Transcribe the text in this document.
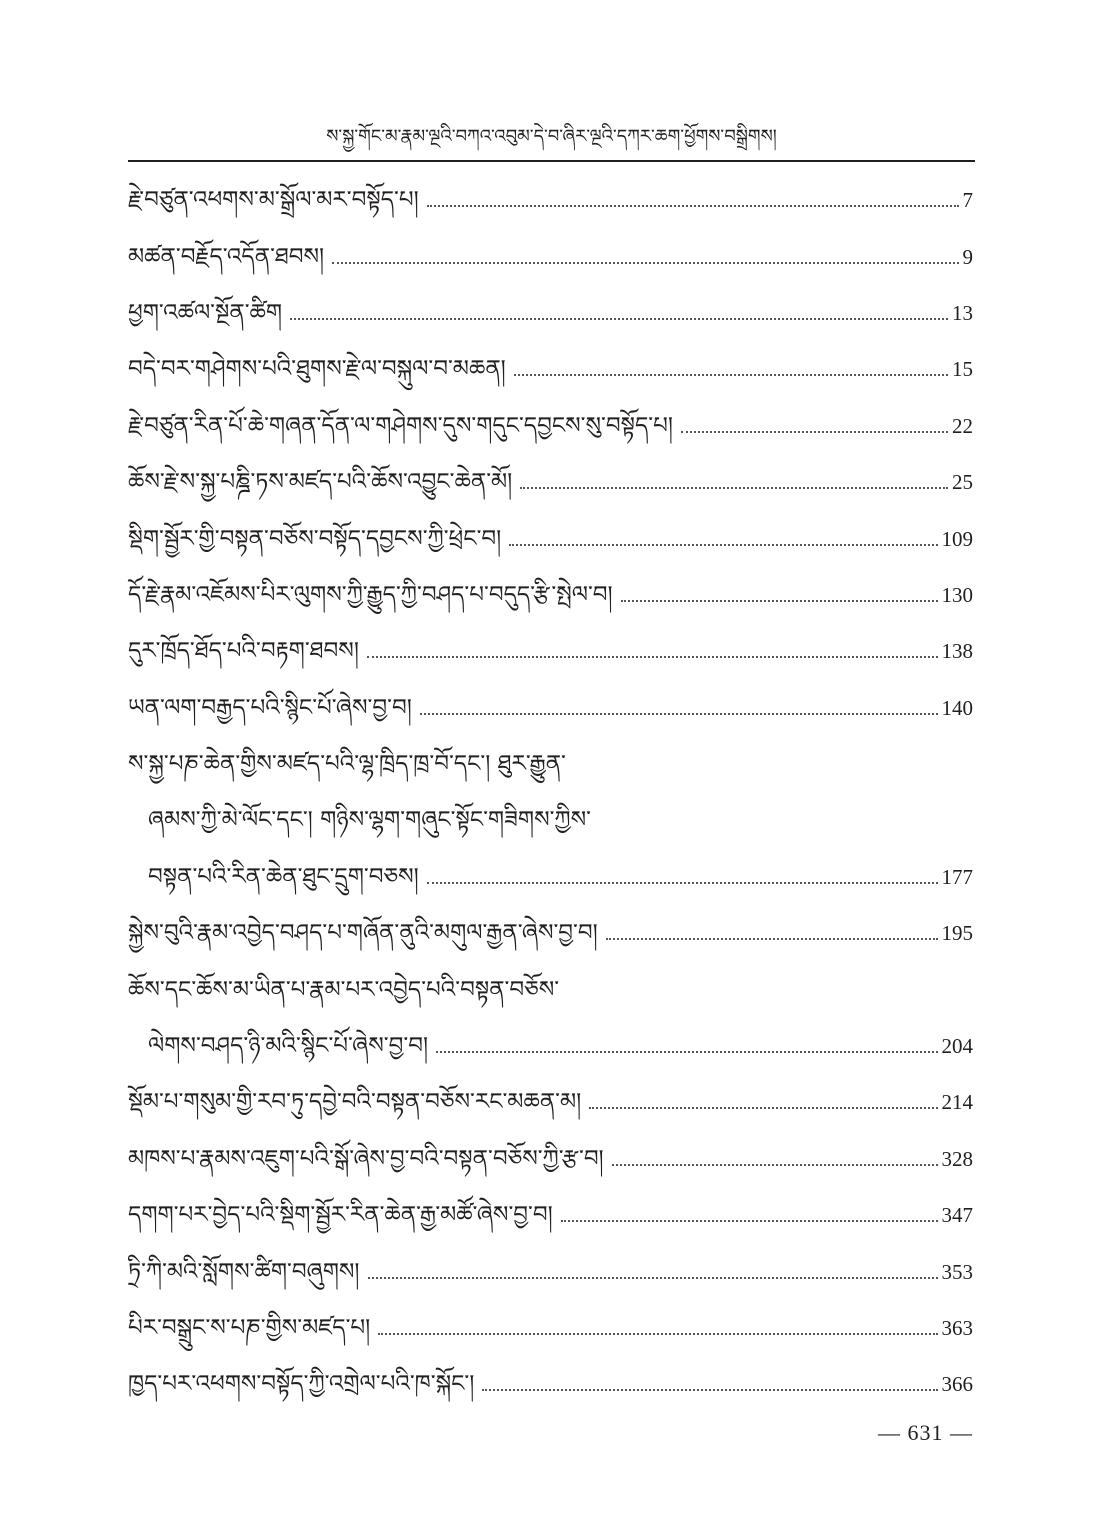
ས་སྐྱ་གོང་མ་རྣམ་ལྔའི་བཀའ་འབུམ་དེ་བ་ཞིར་ལྔའི་དཀར་ཆག་ཕྱོགས་བསྒྲིགས།
རྗེ་བཙུན་འཕགས་མ་སྒྲོལ་མར་བསྟོད་པ།	7
མཚན་བརྗོད་འདོན་ཐབས།	9
ཕྱག་འཚལ་སྔོན་ཚིག	13
བདེ་བར་གཤེགས་པའི་ཐུགས་རྗེ་ལ་བསྐུལ་བ་མཆན།	15
རྗེ་བཙུན་རིན་པོ་ཆེ་གཞན་དོན་ལ་གཤེགས་དུས་གདུང་དབྱངས་སུ་བསྟོད་པ།	22
ཆོས་རྗེ་ས་སྐྱ་པཎྜི་ཏས་མཛད་པའི་ཆོས་འབྱུང་ཆེན་མོ།	25
སྡིག་སྦྱོར་གྱི་བསྟན་བཅོས་བསྟོད་དབྱངས་ཀྱི་ཕྲེང་བ།	109
དོ་རྗེ་རྣམ་འཇོམས་པིར་ལུགས་ཀྱི་རྒྱུད་ཀྱི་བཤད་པ་བདུད་རྩི་སྤེལ་བ།	130
དུར་ཁྲོད་ཐོད་པའི་བརྟག་ཐབས།	138
ཡན་ལག་བརྒྱད་པའི་སྙིང་པོ་ཞེས་བྱ་བ།	140
ས་སྐྱ་པཎ་ཆེན་གྱིས་མཛད་པའི་ལྷ་ཁྲིད་ཁྲ་བོ་དང་། ཐུར་རྒྱུན་
ཞམས་ཀྱི་མེ་ལོང་དང་། གཉིས་ལྷག་གཞུང་སྟོང་གཟིགས་ཀྱིས་
བསྟན་པའི་རིན་ཆེན་ཐུང་དྲུག་བཅས།	177
སྐྱེས་བུའི་རྣམ་འབྱེད་བཤད་པ་གཞོན་ནུའི་མགུལ་རྒྱན་ཞེས་བྱ་བ།	195
ཆོས་དང་ཆོས་མ་ཡིན་པ་རྣམ་པར་འབྱེད་པའི་བསྟན་བཅོས་
ལེགས་བཤད་ཉི་མའི་སྙིང་པོ་ཞེས་བྱ་བ།	204
སྡོམ་པ་གསུམ་གྱི་རབ་ཏུ་དབྱེ་བའི་བསྟན་བཅོས་རང་མཆན་མ།	214
མཁས་པ་རྣམས་འཇུག་པའི་སྒོ་ཞེས་བྱ་བའི་བསྟན་བཅོས་ཀྱི་རྩ་བ།	328
དགག་པར་བྱེད་པའི་སྡིག་སྦྱོར་རིན་ཆེན་རྒྱ་མཚོ་ཞེས་བྱ་བ།	347
ཏྲི་ཀི་མའི་སློགས་ཚིག་བཞུགས།	353
པིར་བསྒྲུང་ས་པཎ་གྱིས་མཛད་པ།	363
ཁྱད་པར་འཕགས་བསྟོད་ཀྱི་འགྲེལ་པའི་ཁ་སྐོང་།	366
— 631 —
